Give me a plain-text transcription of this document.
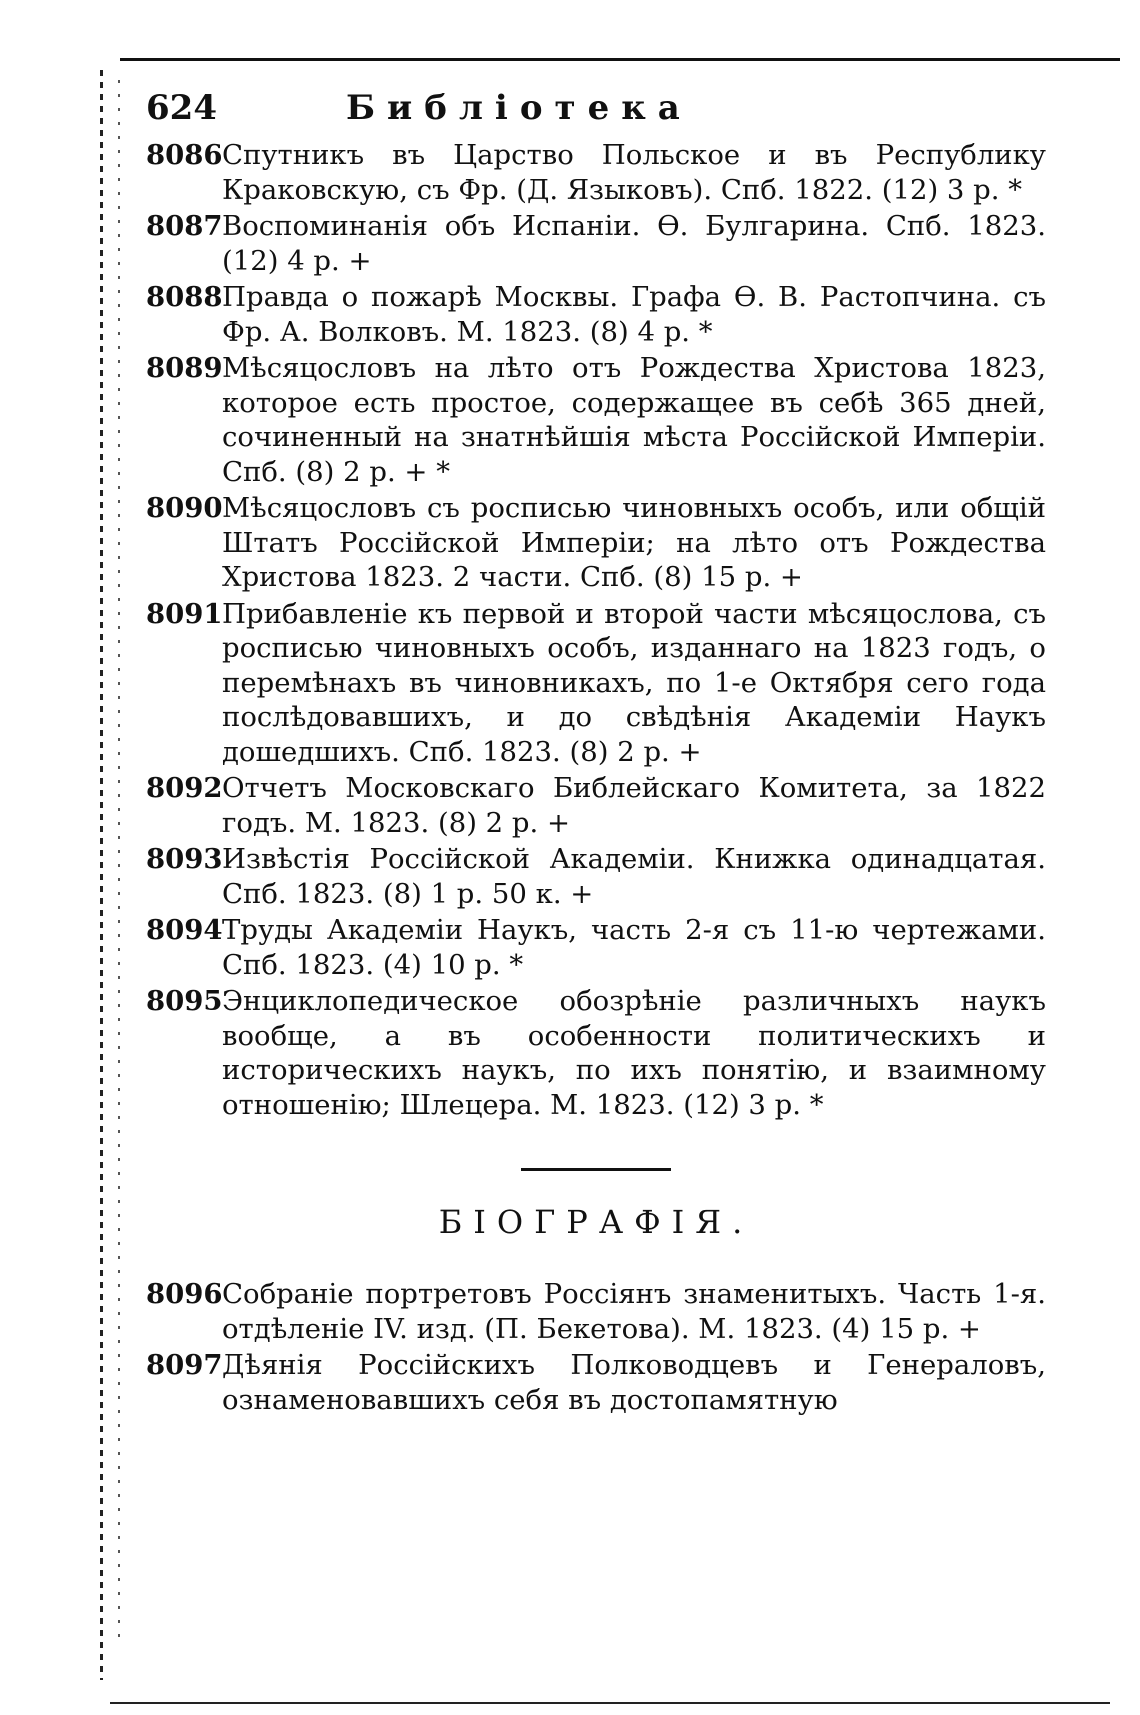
624	Библіотека
8086 Спутникъ въ Царство Польское и въ Республику Краковскую, съ Фр. (Д. Языковъ). Спб. 1822. (12) 3 р. *
8087 Воспоминанія объ Испаніи. Ѳ. Булгарина. Спб. 1823. (12) 4 р. +
8088 Правда о пожарѣ Москвы. Графа Ѳ. В. Растопчина. съ Фр. А. Волковъ. М. 1823. (8) 4 р. *
8089 Мѣсяцословъ на лѣто отъ Рождества Христова 1823, которое есть простое, содержащее въ себѣ 365 дней, сочиненный на знатнѣйшія мѣста Россійской Имперіи. Спб. (8) 2 р. + *
8090 Мѣсяцословъ съ росписью чиновныхъ особъ, или общій Штатъ Россійской Имперіи; на лѣто отъ Рождества Христова 1823. 2 части. Спб. (8) 15 р. +
8091 Прибавленіе къ первой и второй части мѣсяцослова, съ росписью чиновныхъ особъ, изданнаго на 1823 годъ, о перемѣнахъ въ чиновникахъ, по 1-е Октября сего года послѣдовавшихъ, и до свѣдѣнія Академіи Наукъ дошедшихъ. Спб. 1823. (8) 2 р. +
8092 Отчетъ Московскаго Библейскаго Комитета, за 1822 годъ. М. 1823. (8) 2 р. +
8093 Извѣстія Россійской Академіи. Книжка одинадцатая. Спб. 1823. (8) 1 р. 50 к. +
8094 Труды Академіи Наукъ, часть 2-я съ 11-ю чертежами. Спб. 1823. (4) 10 р. *
8095 Энциклопедическое обозрѣніе различныхъ наукъ вообще, а въ особенности политическихъ и историческихъ наукъ, по ихъ понятію, и взаимному отношенію; Шлецера. М. 1823. (12) 3 р. *
БІОГРАФІЯ.
8096 Собраніе портретовъ Россіянъ знаменитыхъ. Часть 1-я. отдѣленіе IV. изд. (П. Бекетова). М. 1823. (4) 15 р. +
8097 Дѣянія Россійскихъ Полководцевъ и Генераловъ, ознаменовавшихъ себя въ достопамятную
